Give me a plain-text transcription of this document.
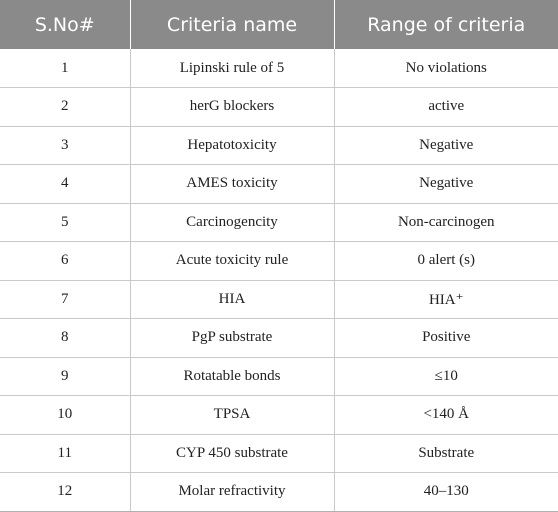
S.No#	Criteria name	Range of criteria
1	Lipinski rule of 5	No violations
2	herG blockers	active
3	Hepatotoxicity	Negative
4	AMES toxicity	Negative
5	Carcinogencity	Non-carcinogen
6	Acute toxicity rule	0 alert (s)
7	HIA	HIA⁺
8	PgP substrate	Positive
9	Rotatable bonds	≤10
10	TPSA	<140 Å
11	CYP 450 substrate	Substrate
12	Molar refractivity	40–130
